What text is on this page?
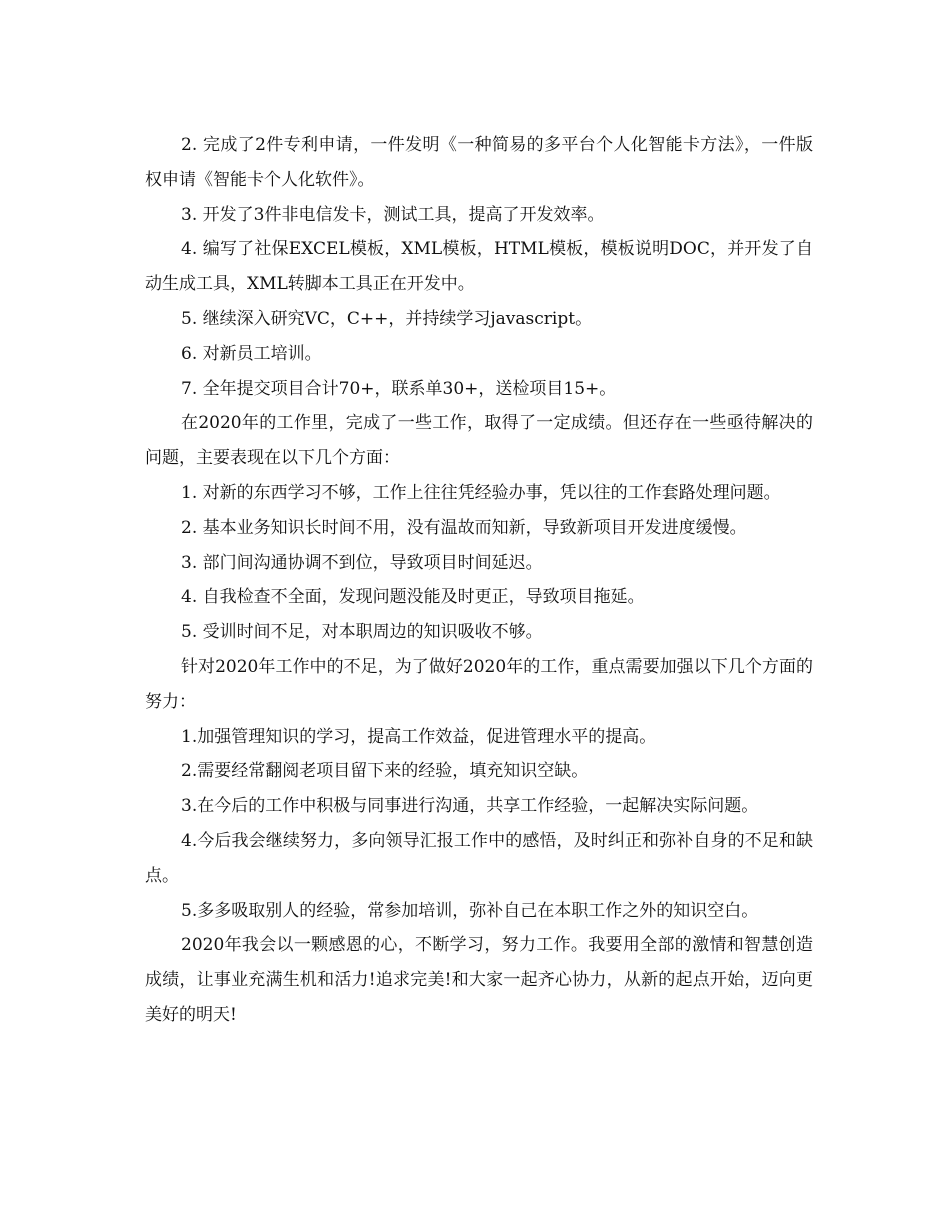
2. 完成了2件专利申请，一件发明《一种简易的多平台个人化智能卡方法》，一件版权申请《智能卡个人化软件》。

3. 开发了3件非电信发卡，测试工具，提高了开发效率。

4. 编写了社保EXCEL模板，XML模板，HTML模板，模板说明DOC，并开发了自动生成工具，XML转脚本工具正在开发中。

5. 继续深入研究VC，C++，并持续学习javascript。

6. 对新员工培训。

7. 全年提交项目合计70+，联系单30+，送检项目15+。

在2020年的工作里，完成了一些工作，取得了一定成绩。但还存在一些亟待解决的问题，主要表现在以下几个方面：

1. 对新的东西学习不够，工作上往往凭经验办事，凭以往的工作套路处理问题。

2. 基本业务知识长时间不用，没有温故而知新，导致新项目开发进度缓慢。

3. 部门间沟通协调不到位，导致项目时间延迟。

4. 自我检查不全面，发现问题没能及时更正，导致项目拖延。

5. 受训时间不足，对本职周边的知识吸收不够。

针对2020年工作中的不足，为了做好2020年的工作，重点需要加强以下几个方面的努力：

1.加强管理知识的学习，提高工作效益，促进管理水平的提高。

2.需要经常翻阅老项目留下来的经验，填充知识空缺。

3.在今后的工作中积极与同事进行沟通，共享工作经验，一起解决实际问题。

4.今后我会继续努力，多向领导汇报工作中的感悟，及时纠正和弥补自身的不足和缺点。

5.多多吸取别人的经验，常参加培训，弥补自己在本职工作之外的知识空白。

2020年我会以一颗感恩的心，不断学习，努力工作。我要用全部的激情和智慧创造成绩，让事业充满生机和活力!追求完美!和大家一起齐心协力，从新的起点开始，迈向更美好的明天!
